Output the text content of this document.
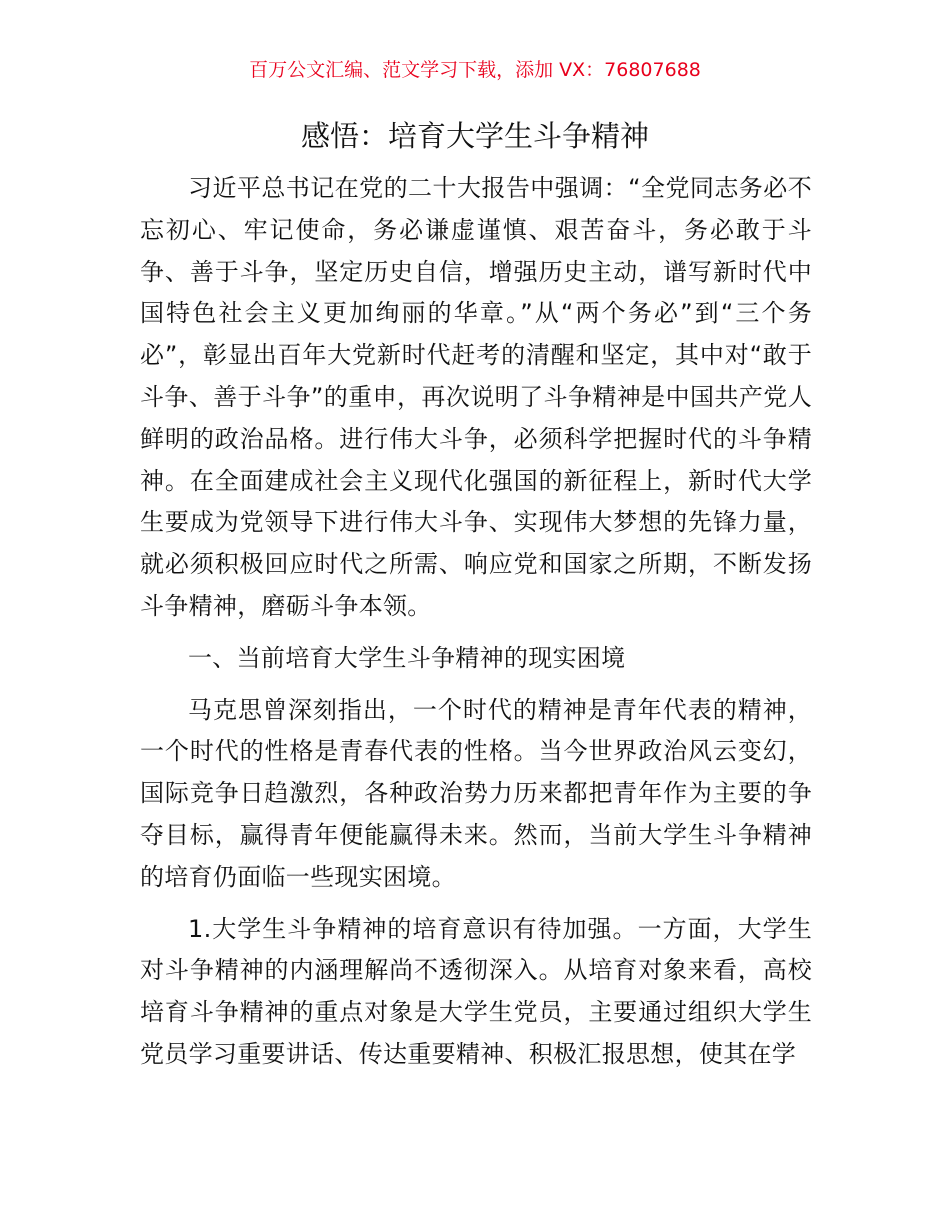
百万公文汇编、范文学习下载，添加 VX：76807688
感悟：培育大学生斗争精神

习近平总书记在党的二十大报告中强调：“全党同志务必不忘初心、牢记使命，务必谦虚谨慎、艰苦奋斗，务必敢于斗争、善于斗争，坚定历史自信，增强历史主动，谱写新时代中国特色社会主义更加绚丽的华章。”从“两个务必”到“三个务必”，彰显出百年大党新时代赶考的清醒和坚定，其中对“敢于斗争、善于斗争”的重申，再次说明了斗争精神是中国共产党人鲜明的政治品格。进行伟大斗争，必须科学把握时代的斗争精神。在全面建成社会主义现代化强国的新征程上，新时代大学生要成为党领导下进行伟大斗争、实现伟大梦想的先锋力量，就必须积极回应时代之所需、响应党和国家之所期，不断发扬斗争精神，磨砺斗争本领。

一、当前培育大学生斗争精神的现实困境

马克思曾深刻指出，一个时代的精神是青年代表的精神，一个时代的性格是青春代表的性格。当今世界政治风云变幻，国际竞争日趋激烈，各种政治势力历来都把青年作为主要的争夺目标，赢得青年便能赢得未来。然而，当前大学生斗争精神的培育仍面临一些现实困境。

1.大学生斗争精神的培育意识有待加强。一方面，大学生对斗争精神的内涵理解尚不透彻深入。从培育对象来看，高校培育斗争精神的重点对象是大学生党员，主要通过组织大学生党员学习重要讲话、传达重要精神、积极汇报思想，使其在学
